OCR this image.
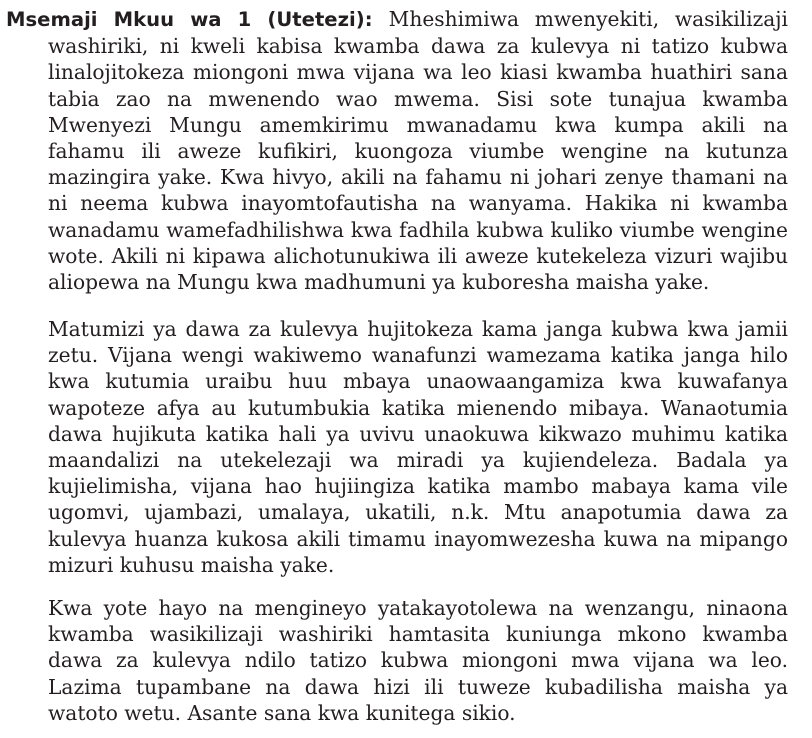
Msemaji Mkuu wa 1 (Utetezi): Mheshimiwa mwenyekiti, wasikilizaji washiriki, ni kweli kabisa kwamba dawa za kulevya ni tatizo kubwa linalojitokeza miongoni mwa vijana wa leo kiasi kwamba huathiri sana tabia zao na mwenendo wao mwema. Sisi sote tunajua kwamba Mwenyezi Mungu amemkirimu mwanadamu kwa kumpa akili na fahamu ili aweze kufikiri, kuongoza viumbe wengine na kutunza mazingira yake. Kwa hivyo, akili na fahamu ni johari zenye thamani na ni neema kubwa inayomtofautisha na wanyama. Hakika ni kwamba wanadamu wamefadhilishwa kwa fadhila kubwa kuliko viumbe wengine wote. Akili ni kipawa alichotunukiwa ili aweze kutekeleza vizuri wajibu aliopewa na Mungu kwa madhumuni ya kuboresha maisha yake.

Matumizi ya dawa za kulevya hujitokeza kama janga kubwa kwa jamii zetu. Vijana wengi wakiwemo wanafunzi wamezama katika janga hilo kwa kutumia uraibu huu mbaya unaowaangamiza kwa kuwafanya wapoteze afya au kutumbukia katika mienendo mibaya. Wanaotumia dawa hujikuta katika hali ya uvivu unaokuwa kikwazo muhimu katika maandalizi na utekelezaji wa miradi ya kujiendeleza. Badala ya kujielimisha, vijana hao hujiingiza katika mambo mabaya kama vile ugomvi, ujambazi, umalaya, ukatili, n.k. Mtu anapotumia dawa za kulevya huanza kukosa akili timamu inayomwezesha kuwa na mipango mizuri kuhusu maisha yake.

Kwa yote hayo na mengineyo yatakayotolewa na wenzangu, ninaona kwamba wasikilizaji washiriki hamtasita kuniunga mkono kwamba dawa za kulevya ndilo tatizo kubwa miongoni mwa vijana wa leo. Lazima tupambane na dawa hizi ili tuweze kubadilisha maisha ya watoto wetu. Asante sana kwa kunitega sikio.
